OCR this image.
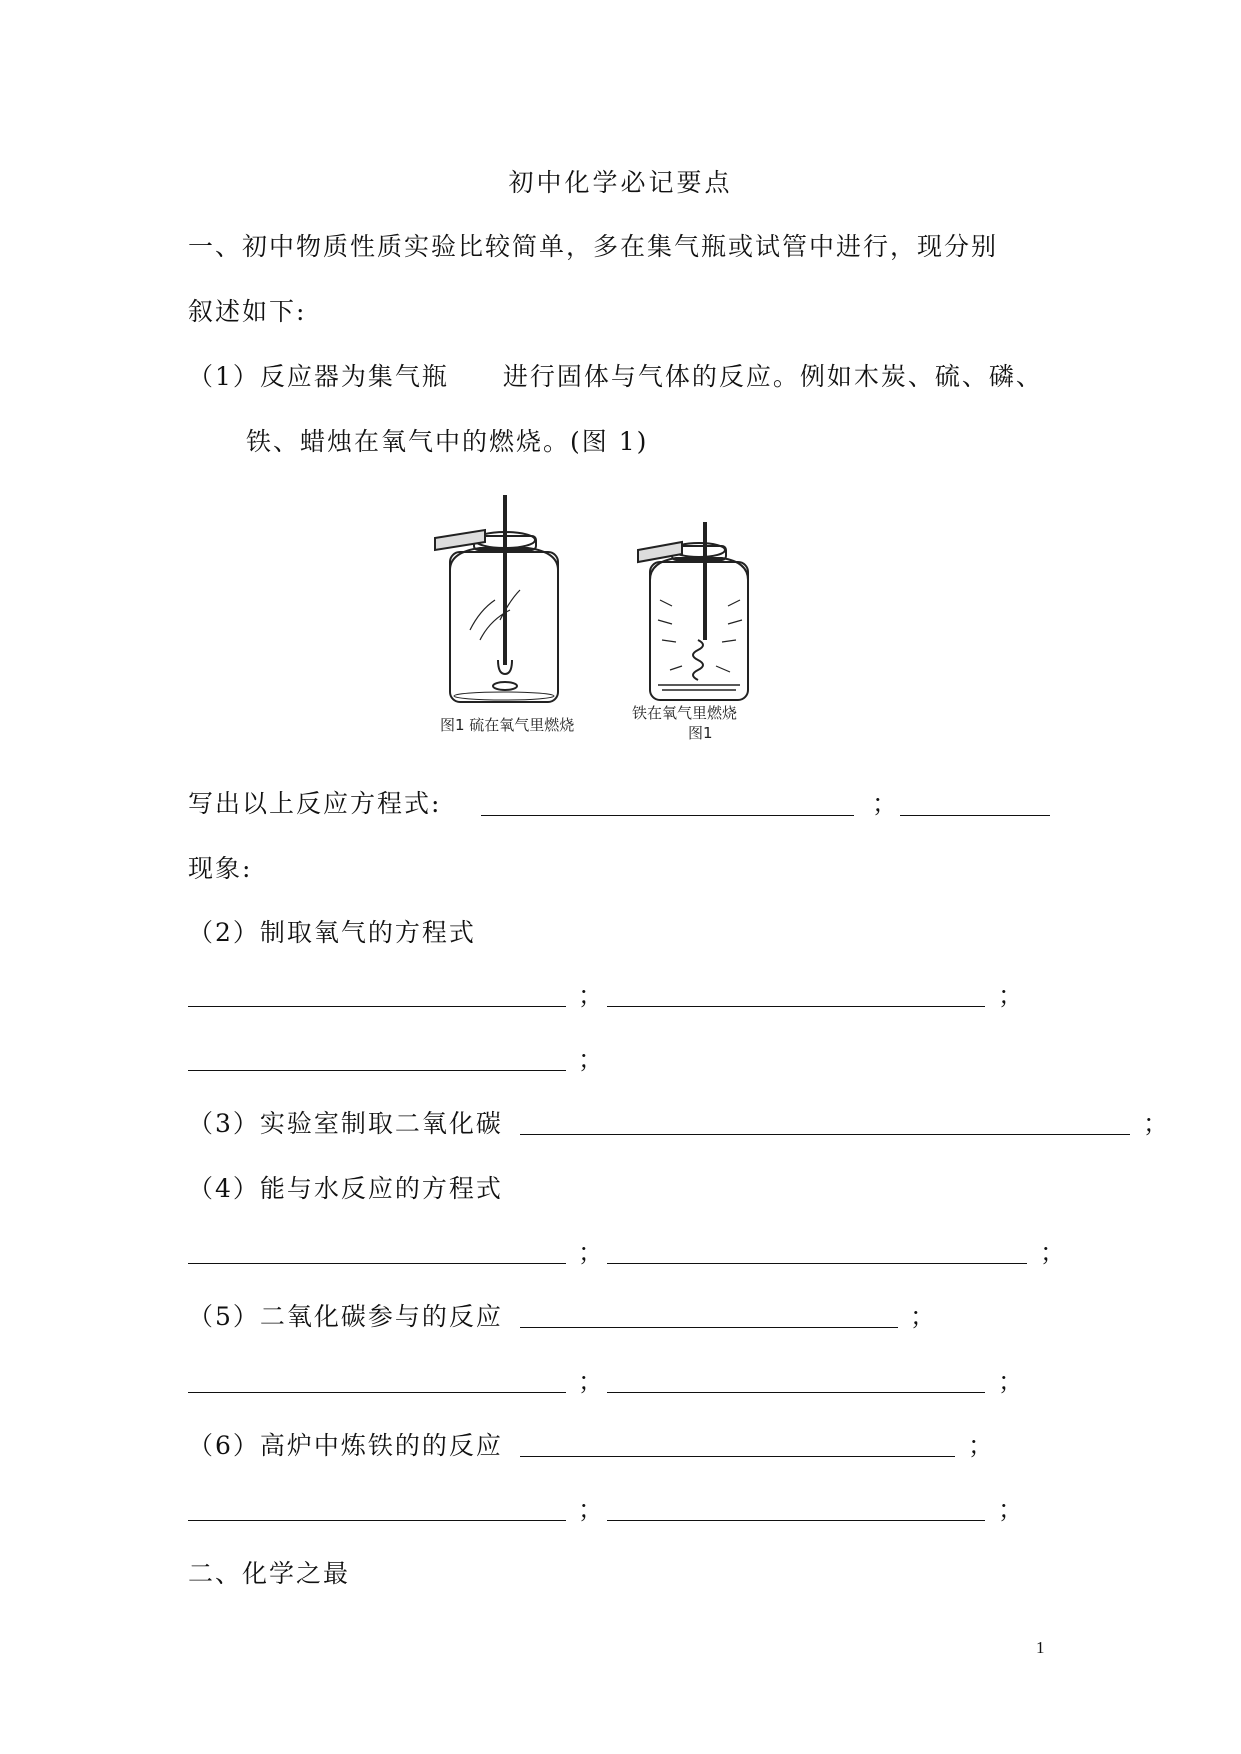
初中化学必记要点
一、初中物质性质实验比较简单，多在集气瓶或试管中进行，现分别
叙述如下:
（1）反应器为集气瓶　　进行固体与气体的反应。例如木炭、硫、磷、
铁、蜡烛在氧气中的燃烧。(图 1)
图1 硫在氧气里燃烧
铁在氧气里燃烧
图1
写出以上反应方程式:	；
现象:
（2）制取氧气的方程式
；	；
；
（3）实验室制取二氧化碳	；
（4）能与水反应的方程式
；	；
（5）二氧化碳参与的反应	；
；	；
（6）高炉中炼铁的的反应	；
；	；
二、化学之最
1
